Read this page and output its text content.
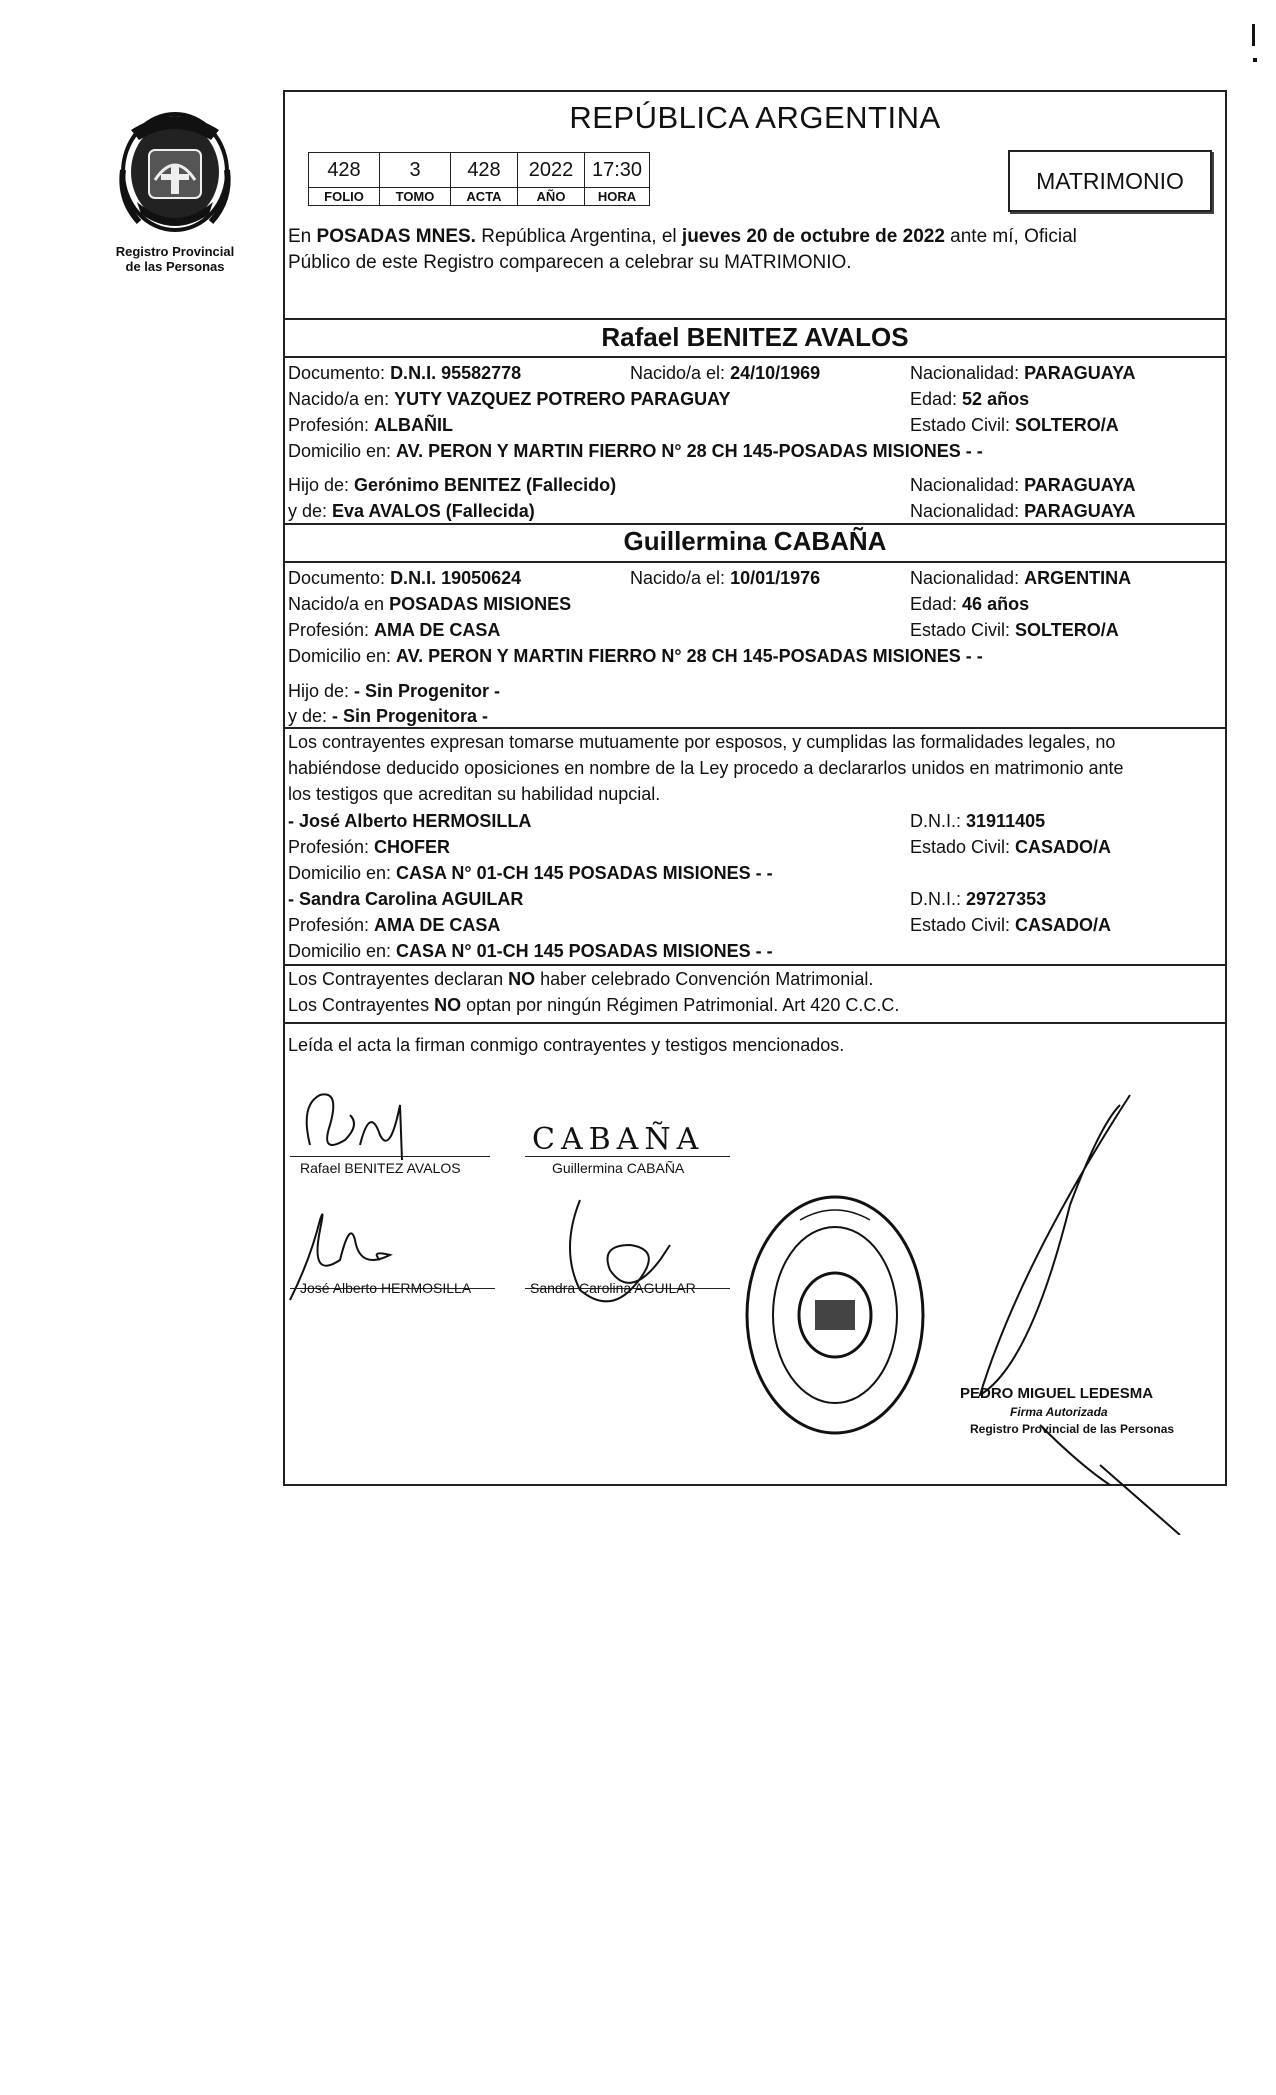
Registro Provincial
de las Personas
REPÚBLICA ARGENTINA
428	3	428	2022	17:30
FOLIO	TOMO	ACTA	AÑO	HORA
MATRIMONIO
En POSADAS MNES. República Argentina, el jueves 20 de octubre de 2022 ante mí, Oficial
Público de este Registro comparecen a celebrar su MATRIMONIO.
Rafael BENITEZ AVALOS
Documento: D.N.I. 95582778	Nacido/a el: 24/10/1969	Nacionalidad: PARAGUAYA
Nacido/a en: YUTY VAZQUEZ POTRERO PARAGUAY	Edad: 52 años
Profesión: ALBAÑIL	Estado Civil: SOLTERO/A
Domicilio en: AV. PERON Y MARTIN FIERRO N° 28 CH 145-POSADAS MISIONES - -
Hijo de: Gerónimo BENITEZ (Fallecido)	Nacionalidad: PARAGUAYA
y de: Eva AVALOS (Fallecida)	Nacionalidad: PARAGUAYA
Guillermina CABAÑA
Documento: D.N.I. 19050624	Nacido/a el: 10/01/1976	Nacionalidad: ARGENTINA
Nacido/a en POSADAS MISIONES	Edad: 46 años
Profesión: AMA DE CASA	Estado Civil: SOLTERO/A
Domicilio en: AV. PERON Y MARTIN FIERRO N° 28 CH 145-POSADAS MISIONES - -
Hijo de: - Sin Progenitor -
y de: - Sin Progenitora -
Los contrayentes expresan tomarse mutuamente por esposos, y cumplidas las formalidades legales, no
habiéndose deducido oposiciones en nombre de la Ley procedo a declararlos unidos en matrimonio ante
los testigos que acreditan su habilidad nupcial.
- José Alberto HERMOSILLA	D.N.I.: 31911405
Profesión: CHOFER	Estado Civil: CASADO/A
Domicilio en: CASA N° 01-CH 145 POSADAS MISIONES - -
- Sandra Carolina AGUILAR	D.N.I.: 29727353
Profesión: AMA DE CASA	Estado Civil: CASADO/A
Domicilio en: CASA N° 01-CH 145 POSADAS MISIONES - -
Los Contrayentes declaran NO haber celebrado Convención Matrimonial.
Los Contrayentes NO optan por ningún Régimen Patrimonial. Art 420 C.C.C.
Leída el acta la firman conmigo contrayentes y testigos mencionados.
Rafael BENITEZ AVALOS
CABAÑA
Guillermina CABAÑA
José Alberto HERMOSILLA	Sandra Carolina AGUILAR
PEDRO MIGUEL LEDESMA
Firma Autorizada
Registro Provincial de las Personas
